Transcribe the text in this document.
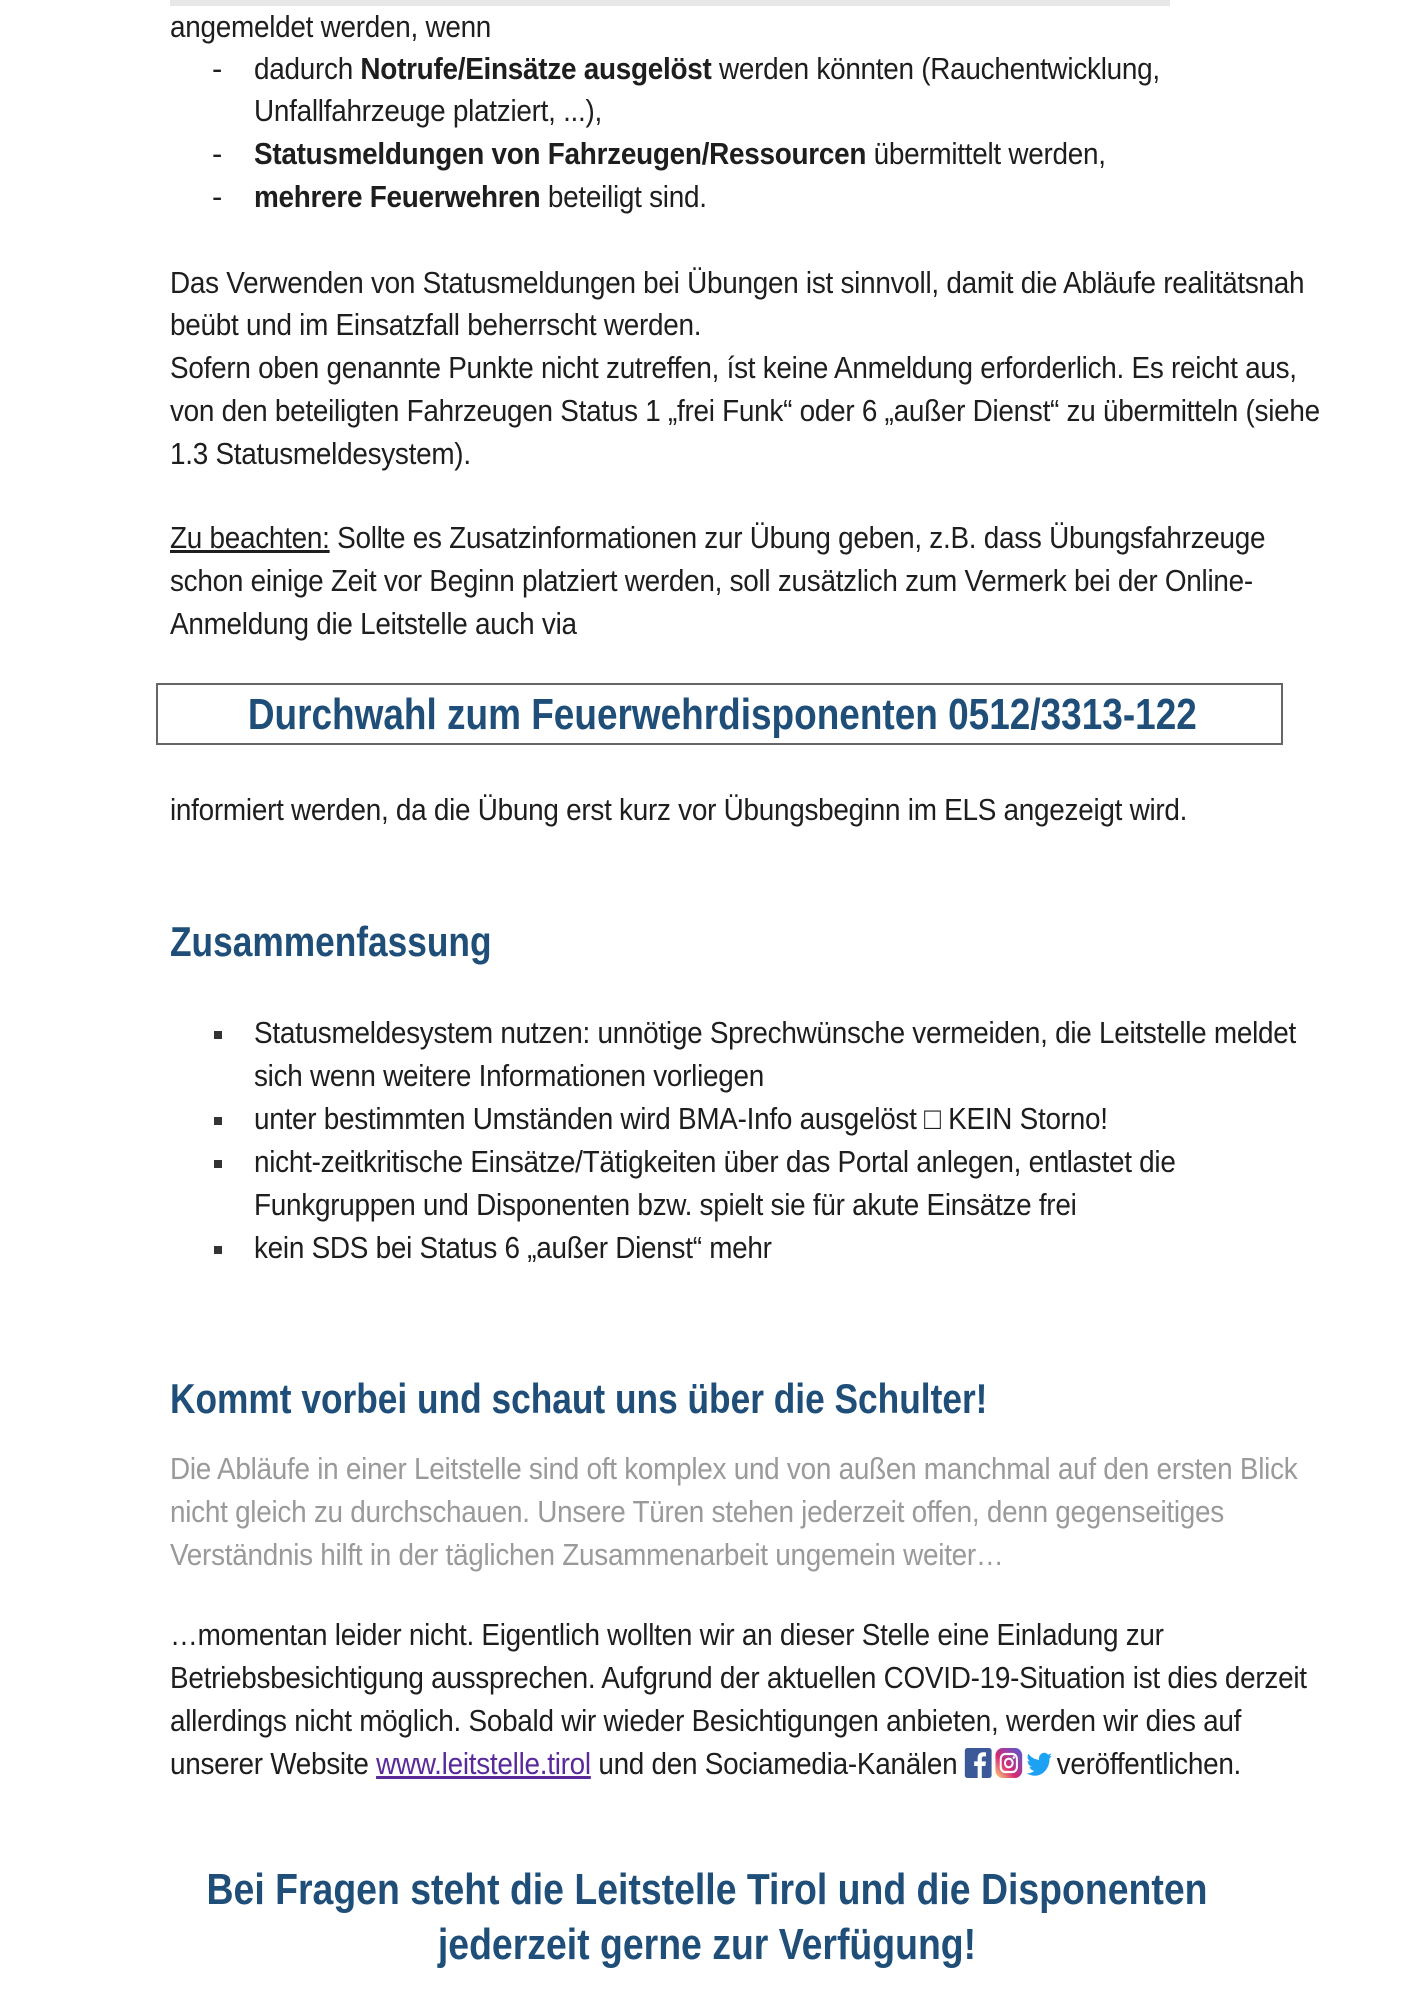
angemeldet werden, wenn

- dadurch Notrufe/Einsätze ausgelöst werden könnten (Rauchentwicklung,

Unfallfahrzeuge platziert, ...),

- Statusmeldungen von Fahrzeugen/Ressourcen übermittelt werden,

- mehrere Feuerwehren beteiligt sind.

Das Verwenden von Statusmeldungen bei Übungen ist sinnvoll, damit die Abläufe realitätsnah

beübt und im Einsatzfall beherrscht werden.

Sofern oben genannte Punkte nicht zutreffen, íst keine Anmeldung erforderlich. Es reicht aus,

von den beteiligten Fahrzeugen Status 1 „frei Funk“ oder 6 „außer Dienst“ zu übermitteln (siehe

1.3 Statusmeldesystem).

Zu beachten: Sollte es Zusatzinformationen zur Übung geben, z.B. dass Übungsfahrzeuge

schon einige Zeit vor Beginn platziert werden, soll zusätzlich zum Vermerk bei der Online-

Anmeldung die Leitstelle auch via

Durchwahl zum Feuerwehrdisponenten 0512/3313-122

informiert werden, da die Übung erst kurz vor Übungsbeginn im ELS angezeigt wird.

Zusammenfassung

Statusmeldesystem nutzen: unnötige Sprechwünsche vermeiden, die Leitstelle meldet

sich wenn weitere Informationen vorliegen

unter bestimmten Umständen wird BMA-Info ausgelöst □ KEIN Storno!

nicht-zeitkritische Einsätze/Tätigkeiten über das Portal anlegen, entlastet die

Funkgruppen und Disponenten bzw. spielt sie für akute Einsätze frei

kein SDS bei Status 6 „außer Dienst“ mehr

Kommt vorbei und schaut uns über die Schulter!

Die Abläufe in einer Leitstelle sind oft komplex und von außen manchmal auf den ersten Blick

nicht gleich zu durchschauen. Unsere Türen stehen jederzeit offen, denn gegenseitiges

Verständnis hilft in der täglichen Zusammenarbeit ungemein weiter…

…momentan leider nicht. Eigentlich wollten wir an dieser Stelle eine Einladung zur

Betriebsbesichtigung aussprechen. Aufgrund der aktuellen COVID-19-Situation ist dies derzeit

allerdings nicht möglich. Sobald wir wieder Besichtigungen anbieten, werden wir dies auf

unserer Website www.leitstelle.tirol und den Sociamedia-Kanälen	veröffentlichen.

Bei Fragen steht die Leitstelle Tirol und die Disponenten
jederzeit gerne zur Verfügung!
